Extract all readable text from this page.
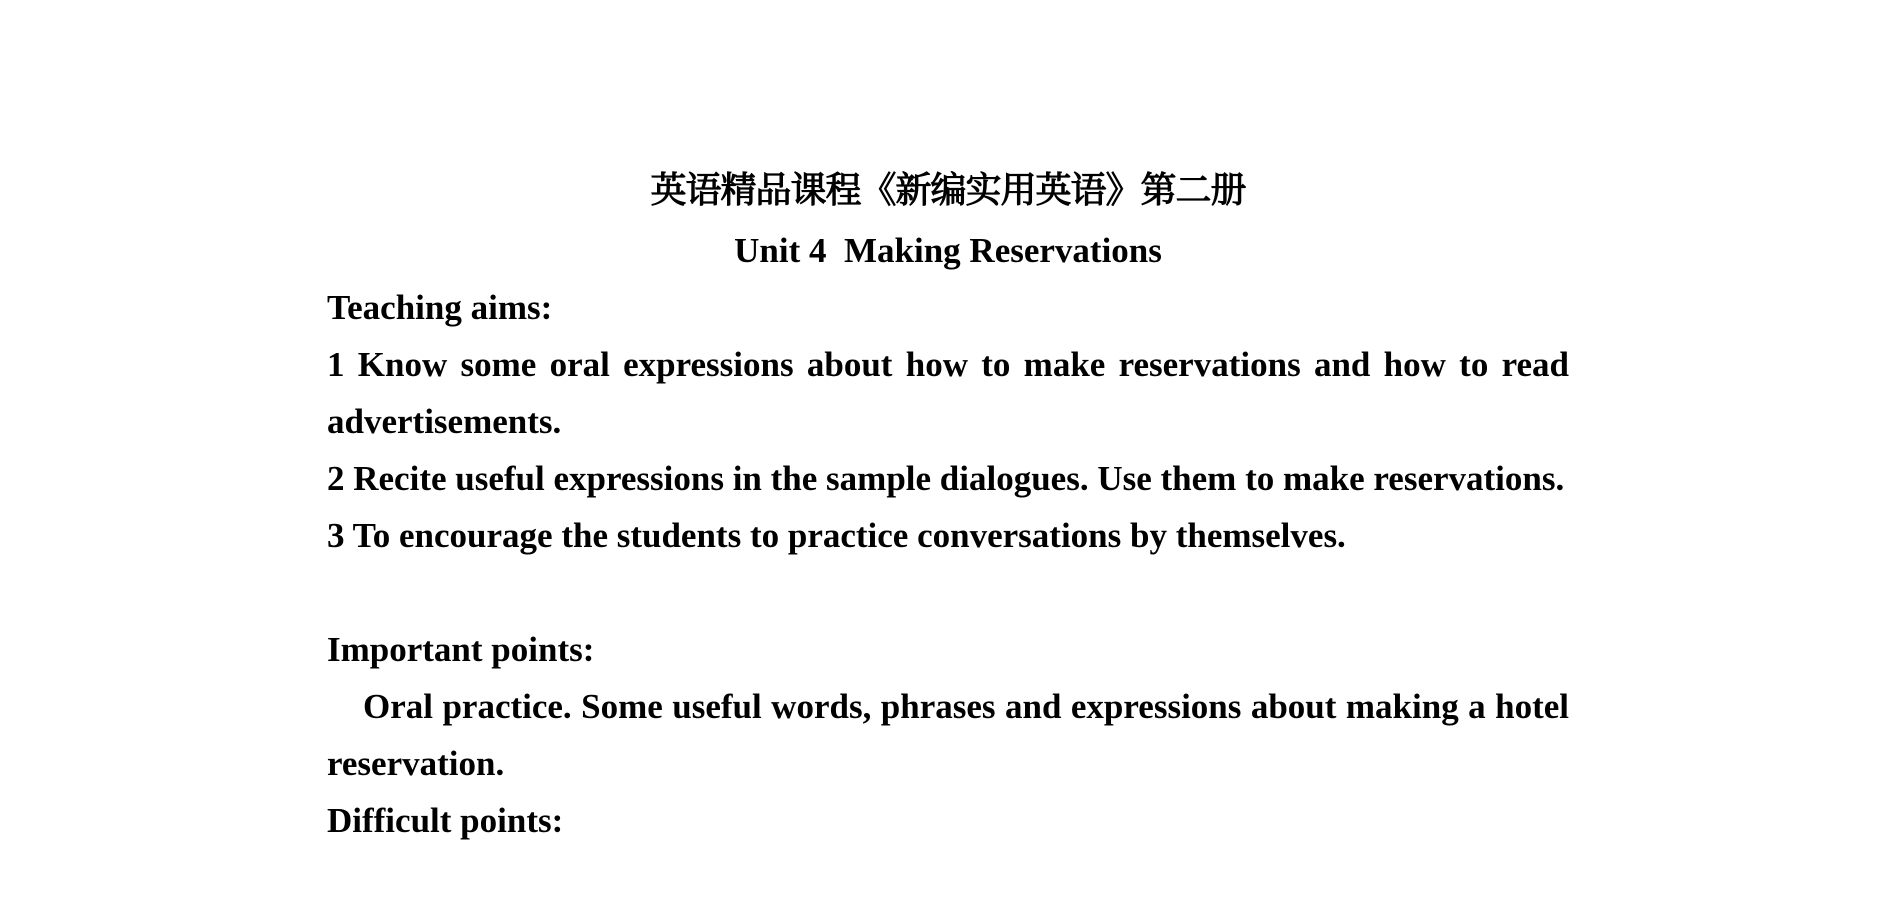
英语精品课程《新编实用英语》第二册
Unit 4  Making Reservations
Teaching aims:
1 Know some oral expressions about how to make reservations and how to read advertisements.
2 Recite useful expressions in the sample dialogues. Use them to make reservations.
3 To encourage the students to practice conversations by themselves.
Important points:
Oral practice. Some useful words, phrases and expressions about making a hotel reservation.
Difficult points:
